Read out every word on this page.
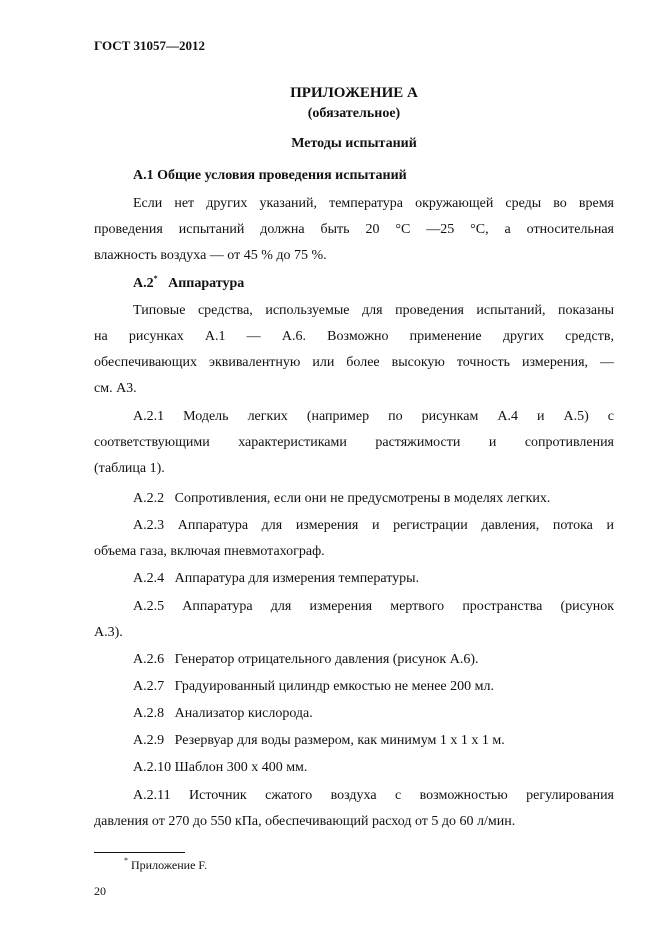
ГОСТ 31057—2012
ПРИЛОЖЕНИЕ А
(обязательное)
Методы испытаний
А.1 Общие условия проведения испытаний
Если нет других указаний, температура окружающей среды во время
проведения испытаний должна быть 20 °С —25 °С, а относительная
влажность воздуха — от 45 % до 75 %.
А.2* Аппаратура
Типовые средства, используемые для проведения испытаний, показаны
на рисунках А.1 — А.6. Возможно применение других средств,
обеспечивающих эквивалентную или более высокую точность измерения, —
см. А3.
А.2.1 Модель легких (например по рисункам А.4 и А.5) с
соответствующими характеристиками растяжимости и сопротивления
(таблица 1).
А.2.2   Сопротивления, если они не предусмотрены в моделях легких.
А.2.3 Аппаратура для измерения и регистрации давления, потока и
объема газа, включая пневмотахограф.
А.2.4   Аппаратура для измерения температуры.
А.2.5 Аппаратура для измерения мертвого пространства (рисунок
А.3).
А.2.6   Генератор отрицательного давления (рисунок А.6).
А.2.7   Градуированный цилиндр емкостью не менее 200 мл.
А.2.8   Анализатор кислорода.
А.2.9   Резервуар для воды размером, как минимум 1 х 1 х 1 м.
А.2.10 Шаблон 300 х 400 мм.
А.2.11 Источник сжатого воздуха с возможностью регулирования
давления от 270 до 550 кПа, обеспечивающий расход от 5 до 60 л/мин.
* Приложение F.
20
